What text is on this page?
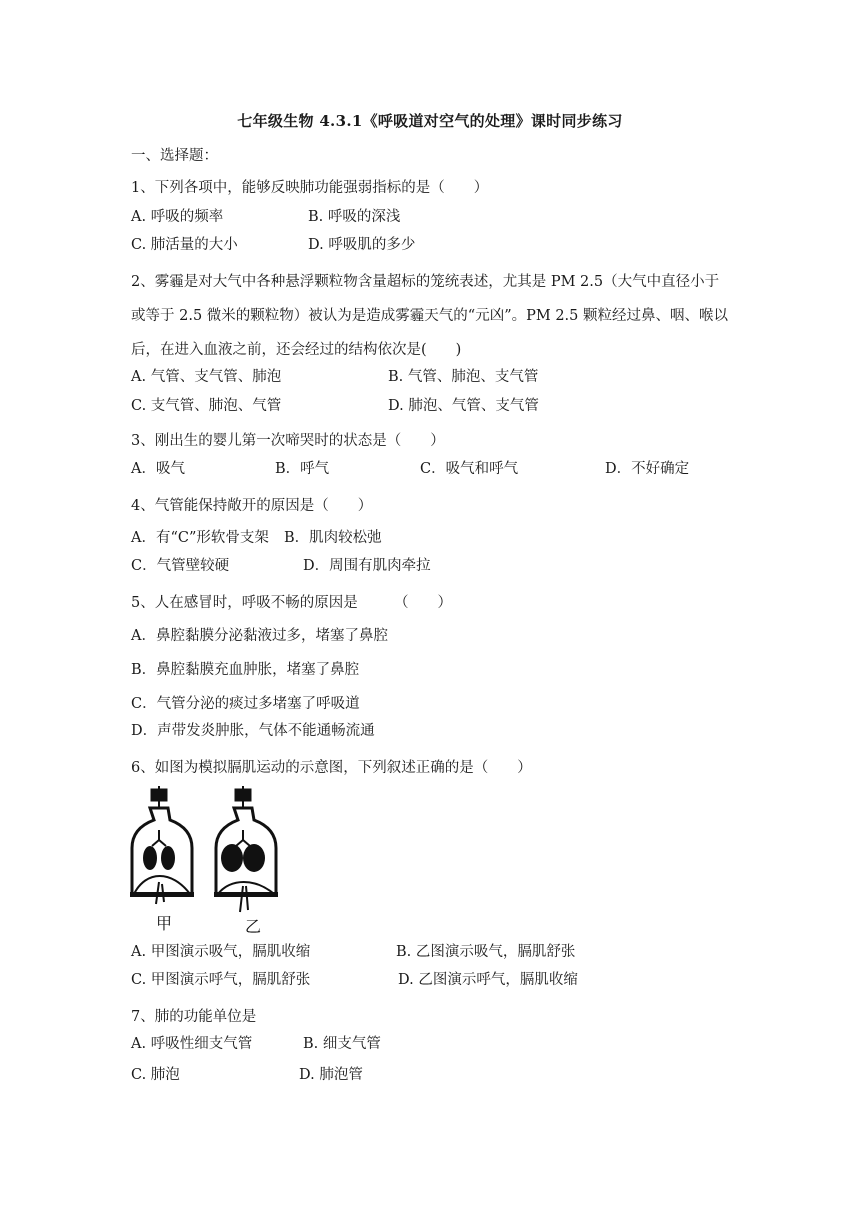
七年级生物 4.3.1《呼吸道对空气的处理》课时同步练习
一、选择题：
1、下列各项中，能够反映肺功能强弱指标的是（　　）
A. 呼吸的频率	B. 呼吸的深浅
C. 肺活量的大小	D. 呼吸肌的多少
2、雾霾是对大气中各种悬浮颗粒物含量超标的笼统表述，尤其是 PM 2.5（大气中直径小于
或等于 2.5 微米的颗粒物）被认为是造成雾霾天气的“元凶”。PM 2.5 颗粒经过鼻、咽、喉以
后，在进入血液之前，还会经过的结构依次是(　　)
A. 气管、支气管、肺泡	B. 气管、肺泡、支气管
C. 支气管、肺泡、气管	D. 肺泡、气管、支气管
3、刚出生的婴儿第一次啼哭时的状态是（　　）
A．吸气	B．呼气	C．吸气和呼气	D．不好确定
4、气管能保持敞开的原因是（　　）
A．有“C”形软骨支架 B．肌肉较松弛
C．气管壁较硬	D．周围有肌肉牵拉
5、人在感冒时，呼吸不畅的原因是　　　（　　）
A．鼻腔黏膜分泌黏液过多，堵塞了鼻腔
B．鼻腔黏膜充血肿胀，堵塞了鼻腔
C．气管分泌的痰过多堵塞了呼吸道
D．声带发炎肿胀，气体不能通畅流通
6、如图为模拟膈肌运动的示意图，下列叙述正确的是（　　）
甲	乙
A. 甲图演示吸气，膈肌收缩	B. 乙图演示吸气，膈肌舒张
C. 甲图演示呼气，膈肌舒张	D. 乙图演示呼气，膈肌收缩
7、肺的功能单位是
A. 呼吸性细支气管	B. 细支气管
C. 肺泡	D. 肺泡管
